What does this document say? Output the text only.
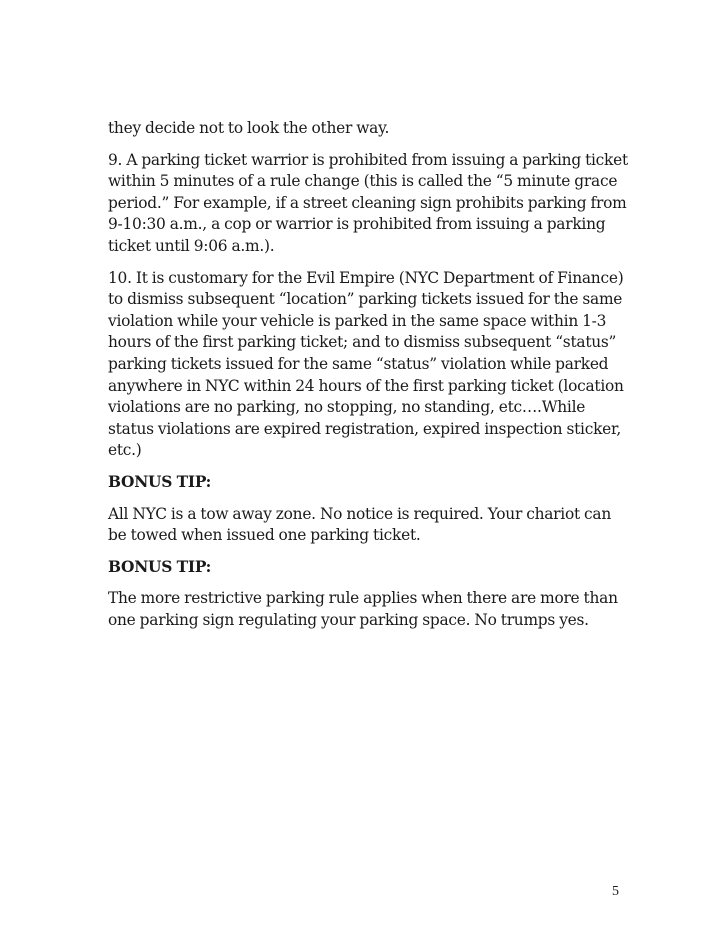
they decide not to look the other way.

9. A parking ticket warrior is prohibited from issuing a parking ticket within 5 minutes of a rule change (this is called the “5 minute grace period.” For example, if a street cleaning sign prohibits parking from 9-10:30 a.m., a cop or warrior is prohibited from issuing a parking ticket until 9:06 a.m.).

10. It is customary for the Evil Empire (NYC Department of Finance) to dismiss subsequent “location” parking tickets issued for the same violation while your vehicle is parked in the same space within 1-3 hours of the first parking ticket; and to dismiss subsequent “status” parking tickets issued for the same “status” violation while parked anywhere in NYC within 24 hours of the first parking ticket (location violations are no parking, no stopping, no standing, etc….While status violations are expired registration, expired inspection sticker, etc.)

BONUS TIP:

All NYC is a tow away zone. No notice is required. Your chariot can be towed when issued one parking ticket.

BONUS TIP:

The more restrictive parking rule applies when there are more than one parking sign regulating your parking space. No trumps yes.

5
